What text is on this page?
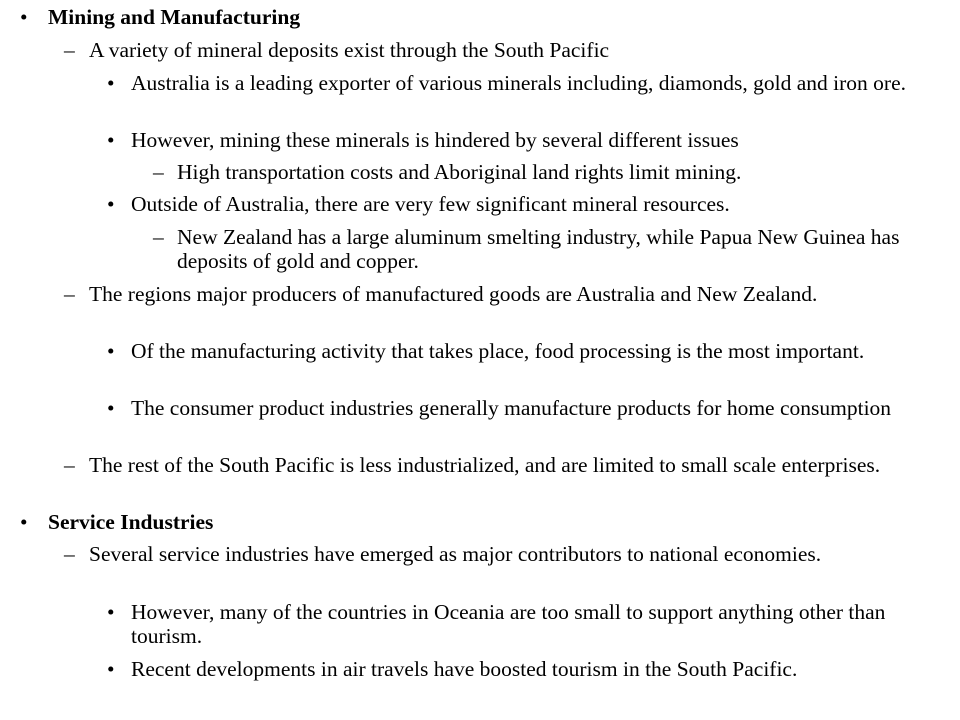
• Mining and Manufacturing
– A variety of mineral deposits exist through the South Pacific
• Australia is a leading exporter of various minerals including, diamonds, gold and iron ore.
• However, mining these minerals is hindered by several different issues
– High transportation costs and Aboriginal land rights limit mining.
• Outside of Australia, there are very few significant mineral resources.
– New Zealand has a large aluminum smelting industry, while Papua New Guinea has deposits of gold and copper.
– The regions major producers of manufactured goods are Australia and New Zealand.
• Of the manufacturing activity that takes place, food processing is the most important.
• The consumer product industries generally manufacture products for home consumption
– The rest of the South Pacific is less industrialized, and are limited to small scale enterprises.
• Service Industries
– Several service industries have emerged as major contributors to national economies.
• However, many of the countries in Oceania are too small to support anything other than tourism.
• Recent developments in air travels have boosted tourism in the South Pacific.
